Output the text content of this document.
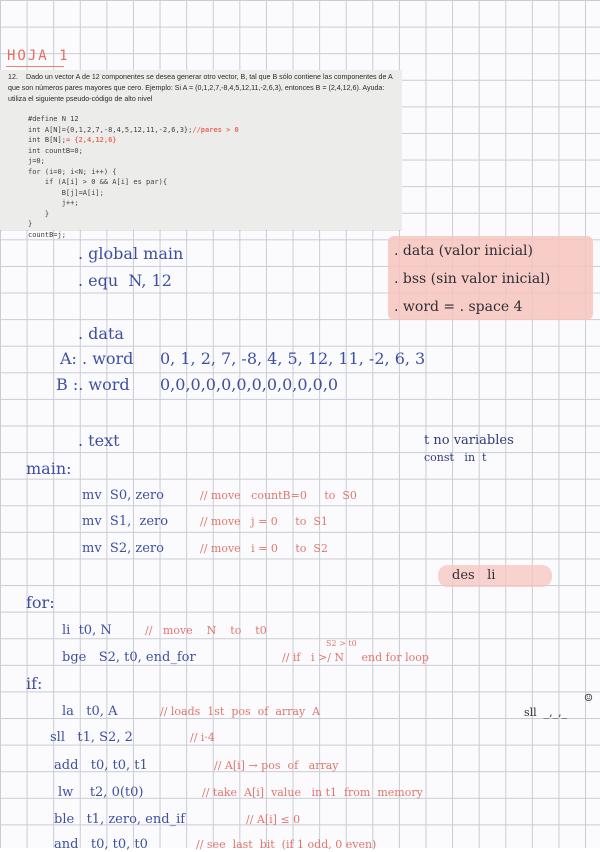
HOJA 1
12. Dado un vector A de 12 componentes se desea generar otro vector, B, tal que B sólo contiene las componentes de A que son números pares mayores que cero. Ejemplo: Si A = (0,1,2,7,-8,4,5,12,11,-2,6,3), entonces B = (2,4,12,6). Ayuda: utiliza el siguiente pseudo-código de alto nivel
#define N 12
int A[N]={0,1,2,7,-8,4,5,12,11,-2,6,3};//pares > 0
int B[N];= {2,4,12,6}
int countB=0;
j=0;
for (i=0; i<N; i++) {
if (A[i] > 0 && A[i] es par){
B[j]=A[i];
j++;
}
}
countB=j;
. data (valor inicial)
. bss (sin valor inicial)
. word = . space 4
. global main
. equ  N, 12
. data
A: . word 0, 1, 2, 7, -8, 4, 5, 12, 11, -2, 6, 3
B :. word 0,0,0,0,0,0,0,0,0,0,0,0
. text	t no variables
const   in  t
main:
mv  S0, zero	// move   countB=0     to  S0
mv  S1,  zero	// move   j = 0     to  S1
mv  S2, zero	// move   i = 0     to  S2
des   li
for:
li  t0, N	//   move    N    to    t0
S2 > t0
bge   S2, t0, end_for	// if   i >/ N     end for loop
if:
sll  _,_,_
☺
la   t0, A	// loads  1st  pos  of  array  A
sll   t1, S2, 2	// i·4
add   t0, t0, t1	// A[i] → pos  of   array
lw    t2, 0(t0)	// take  A[i]  value   in t1  from  memory
ble   t1, zero, end_if	// A[i] ≤ 0
and   t0, t0, t0	// see  last  bit  (if 1 odd, 0 even)
